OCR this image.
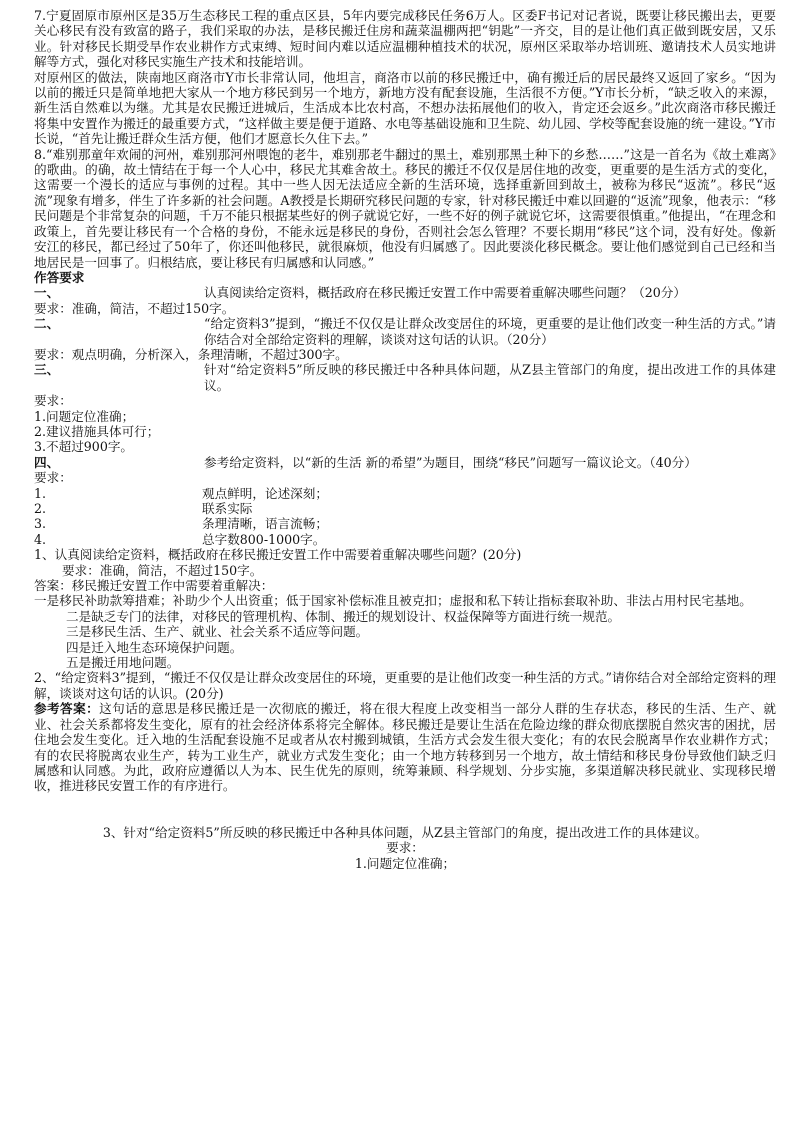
7.宁夏固原市原州区是35万生态移民工程的重点区县，5年内要完成移民任务6万人。区委F书记对记者说，既要让移民搬出去，更要关心移民有没有致富的路子，我们采取的办法，是移民搬迁住房和蔬菜温棚两把“钥匙”一齐交，目的是让他们真正做到既安居，又乐业。针对移民长期受旱作农业耕作方式束缚、短时间内难以适应温棚种植技术的状况，原州区采取举办培训班、邀请技术人员实地讲解等方式，强化对移民实施生产技术和技能培训。

对原州区的做法，陕南地区商洛市Y市长非常认同，他坦言，商洛市以前的移民搬迁中，确有搬迁后的居民最终又返回了家乡。“因为以前的搬迁只是简单地把大家从一个地方移民到另一个地方，新地方没有配套设施，生活很不方便。”Y市长分析，“缺乏收入的来源，新生活自然难以为继。尤其是农民搬迁进城后，生活成本比农村高，不想办法拓展他们的收入，肯定还会返乡。”此次商洛市移民搬迁将集中安置作为搬迁的最重要方式，“这样做主要是便于道路、水电等基础设施和卫生院、幼儿园、学校等配套设施的统一建设。”Y市长说，“首先让搬迁群众生活方便，他们才愿意长久住下去。”

8.“难别那童年欢闹的河州，难别那河州喂饱的老牛，难别那老牛翻过的黑土，难别那黑土种下的乡愁……”这是一首名为《故土难离》的歌曲。的确，故土情结在于每一个人心中，移民尤其难舍故土。移民的搬迁不仅仅是居住地的改变，更重要的是生活方式的变化，这需要一个漫长的适应与事例的过程。其中一些人因无法适应全新的生活环境，选择重新回到故土，被称为移民“返流”。移民“返流”现象有增多，伴生了许多新的社会问题。A教授是长期研究移民问题的专家，针对移民搬迁中难以回避的“返流”现象，他表示：“移民问题是个非常复杂的问题，千万不能只根据某些好的例子就说它好，一些不好的例子就说它坏，这需要很慎重。”他提出，“在理念和政策上，首先要让移民有一个合格的身份，不能永远是移民的身份，否则社会怎么管理？不要长期用“移民”这个词，没有好处。像新安江的移民，都已经过了50年了，你还叫他移民，就很麻烦，他没有归属感了。因此要淡化移民概念。要让他们感觉到自己已经和当地居民是一回事了。归根结底，要让移民有归属感和认同感。”

作答要求

一、	认真阅读给定资料，概括政府在移民搬迁安置工作中需要着重解决哪些问题？（20分）

要求：准确，简洁，不超过150字。

二、	“给定资料3”提到，“搬迁不仅仅是让群众改变居住的环境，更重要的是让他们改变一种生活的方式。”请你结合对全部给定资料的理解，谈谈对这句话的认识。（20分）

要求：观点明确，分析深入，条理清晰，不超过300字。

三、	针对“给定资料5”所反映的移民搬迁中各种具体问题，从Z县主管部门的角度，提出改进工作的具体建议。

要求：

1.问题定位准确；

2.建议措施具体可行；

3.不超过900字。

四、	参考给定资料，以“新的生活 新的希望”为题目，围绕“移民”问题写一篇议论文。（40分）

要求：

1.	观点鲜明，论述深刻；
2.	联系实际
3.	条理清晰，语言流畅；
4.	总字数800-1000字。

1、认真阅读给定资料，概括政府在移民搬迁安置工作中需要着重解决哪些问题？(20分)

要求：准确，简洁，不超过150字。

答案：移民搬迁安置工作中需要着重解决：

一是移民补助款筹措难；补助少个人出资重；低于国家补偿标准且被克扣；虚报和私下转让指标套取补助、非法占用村民宅基地。

二是缺乏专门的法律，对移民的管理机构、体制、搬迁的规划设计、权益保障等方面进行统一规范。

三是移民生活、生产、就业、社会关系不适应等问题。

四是迁入地生态环境保护问题。

五是搬迁用地问题。

2、“给定资料3”提到，“搬迁不仅仅是让群众改变居住的环境，更重要的是让他们改变一种生活的方式。”请你结合对全部给定资料的理解，谈谈对这句话的认识。(20分)

参考答案：这句话的意思是移民搬迁是一次彻底的搬迁，将在很大程度上改变相当一部分人群的生存状态，移民的生活、生产、就业、社会关系都将发生变化，原有的社会经济体系将完全解体。移民搬迁是要让生活在危险边缘的群众彻底摆脱自然灾害的困扰，居住地会发生变化。迁入地的生活配套设施不足或者从农村搬到城镇，生活方式会发生很大变化；有的农民会脱离旱作农业耕作方式；有的农民将脱离农业生产，转为工业生产，就业方式发生变化；由一个地方转移到另一个地方，故土情结和移民身份导致他们缺乏归属感和认同感。为此，政府应遵循以人为本、民生优先的原则，统筹兼顾、科学规划、分步实施，多渠道解决移民就业、实现移民增收，推进移民安置工作的有序进行。

3、针对“给定资料5”所反映的移民搬迁中各种具体问题，从Z县主管部门的角度，提出改进工作的具体建议。

要求：

1.问题定位准确；
